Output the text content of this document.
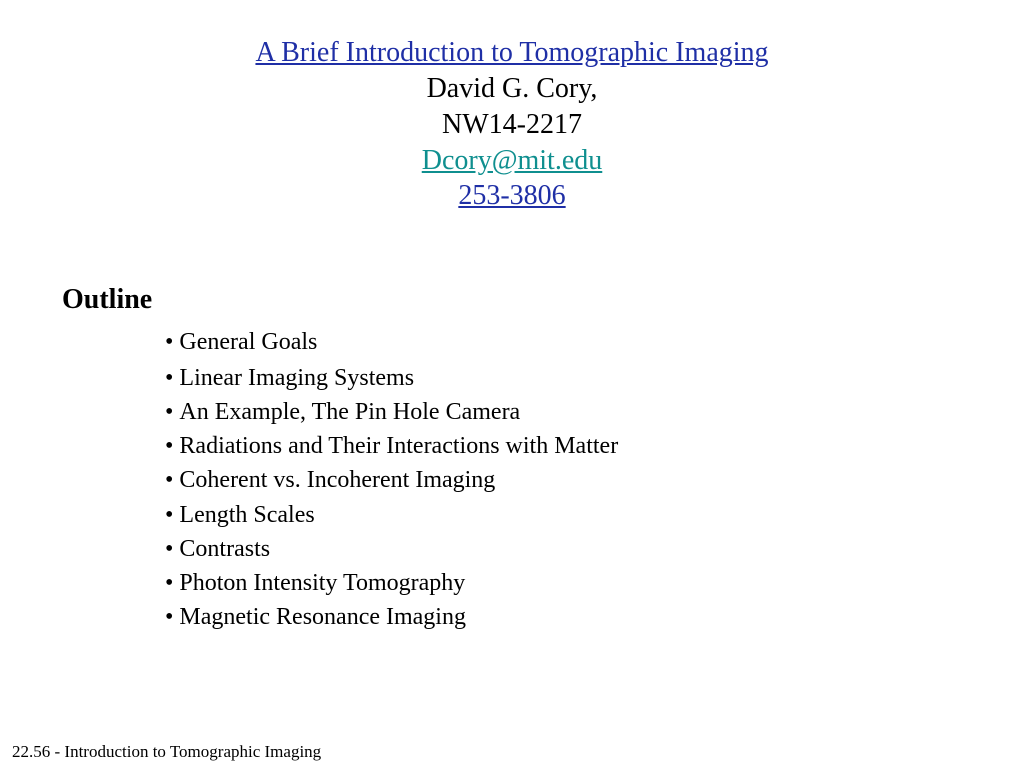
A Brief Introduction to Tomographic Imaging
David G. Cory,
NW14-2217
Dcory@mit.edu
253-3806
Outline
• General Goals
• Linear Imaging Systems
• An Example, The Pin Hole Camera
• Radiations and Their Interactions with Matter
• Coherent vs. Incoherent Imaging
• Length Scales
• Contrasts
• Photon Intensity Tomography
• Magnetic Resonance Imaging
22.56 - Introduction to Tomographic Imaging
